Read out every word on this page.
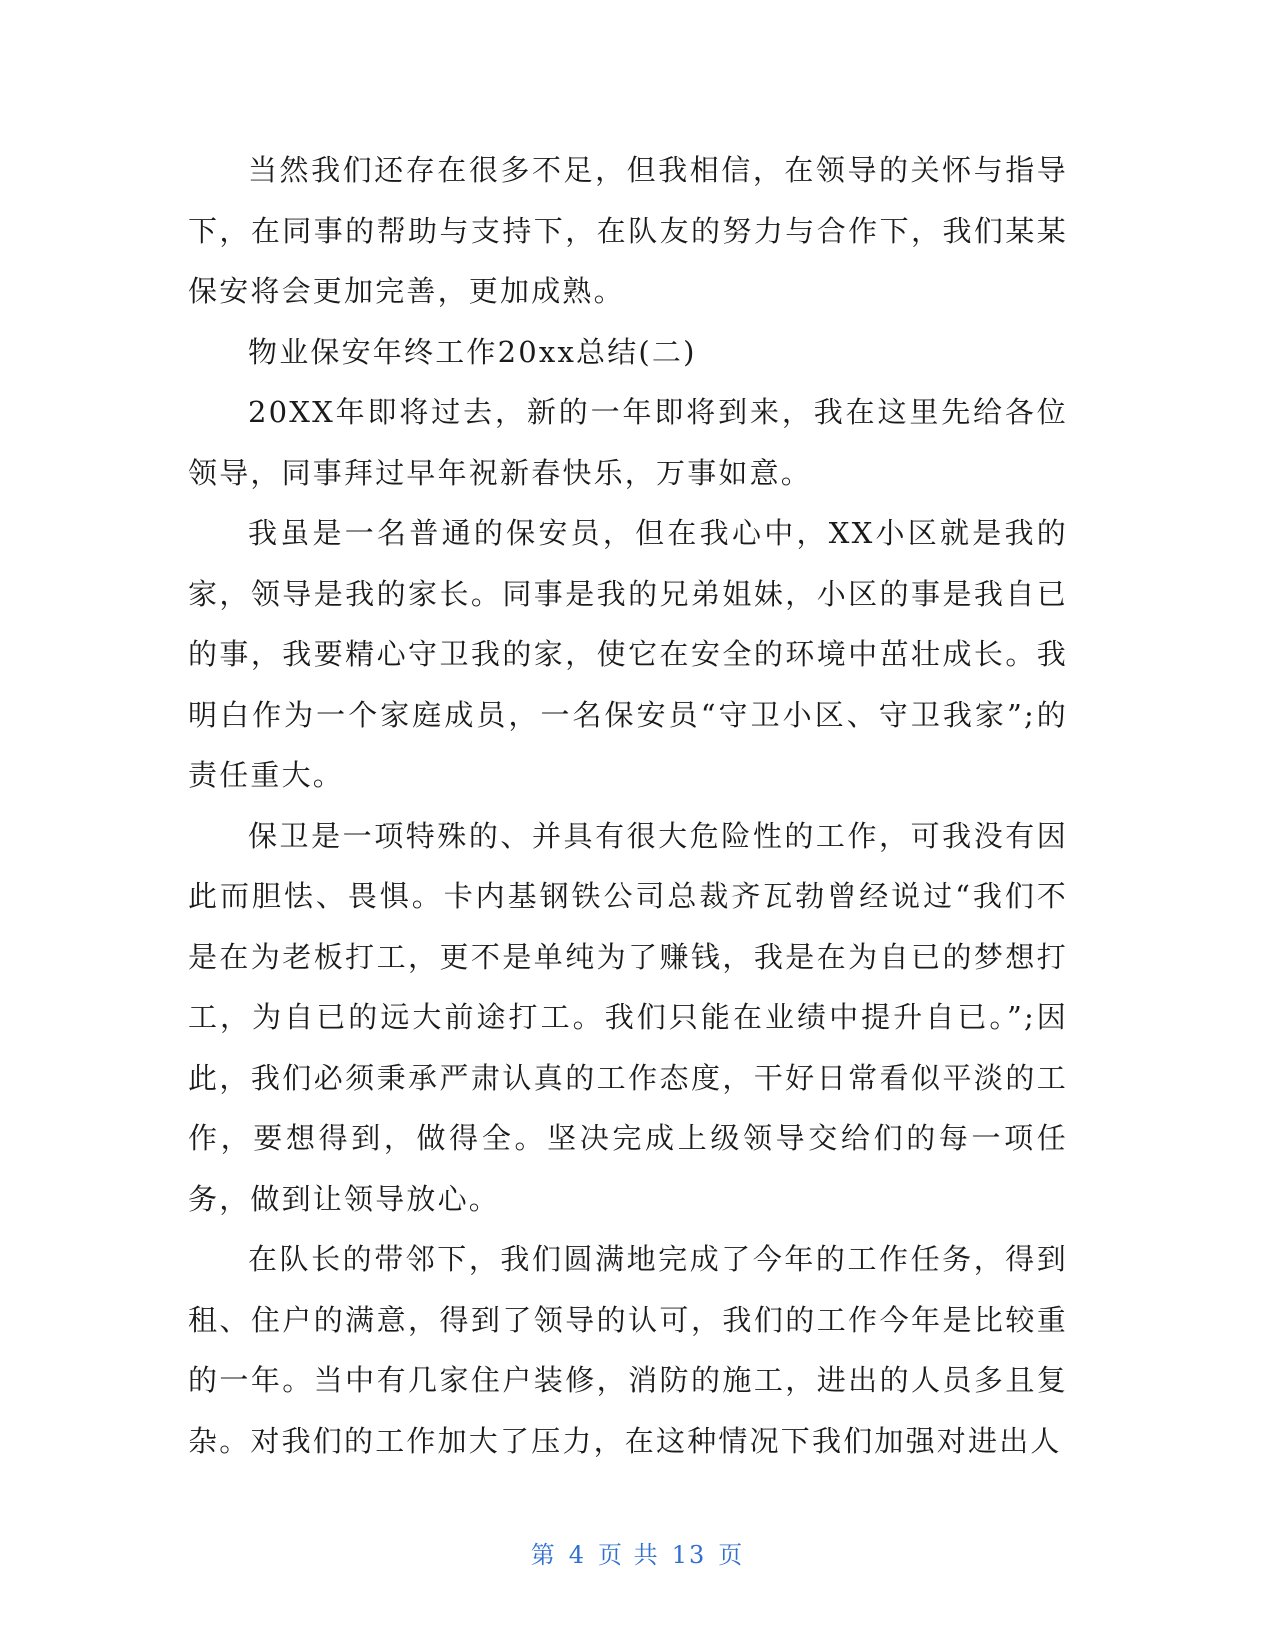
当然我们还存在很多不足，但我相信，在领导的关怀与指导下，在同事的帮助与支持下，在队友的努力与合作下，我们某某保安将会更加完善，更加成熟。

物业保安年终工作20xx总结(二)

20XX年即将过去，新的一年即将到来，我在这里先给各位领导，同事拜过早年祝新春快乐，万事如意。

我虽是一名普通的保安员，但在我心中，XX小区就是我的家，领导是我的家长。同事是我的兄弟姐妹，小区的事是我自已的事，我要精心守卫我的家，使它在安全的环境中茁壮成长。我明白作为一个家庭成员，一名保安员“守卫小区、守卫我家”;的责任重大。

保卫是一项特殊的、并具有很大危险性的工作，可我没有因此而胆怯、畏惧。卡内基钢铁公司总裁齐瓦勃曾经说过“我们不是在为老板打工，更不是单纯为了赚钱，我是在为自已的梦想打工，为自已的远大前途打工。我们只能在业绩中提升自已。”;因此，我们必须秉承严肃认真的工作态度，干好日常看似平淡的工作，要想得到，做得全。坚决完成上级领导交给们的每一项任务，做到让领导放心。

在队长的带邻下，我们圆满地完成了今年的工作任务，得到租、住户的满意，得到了领导的认可，我们的工作今年是比较重的一年。当中有几家住户装修，消防的施工，进出的人员多且复杂。对我们的工作加大了压力，在这种情况下我们加强对进出人

第 4 页 共 13 页
